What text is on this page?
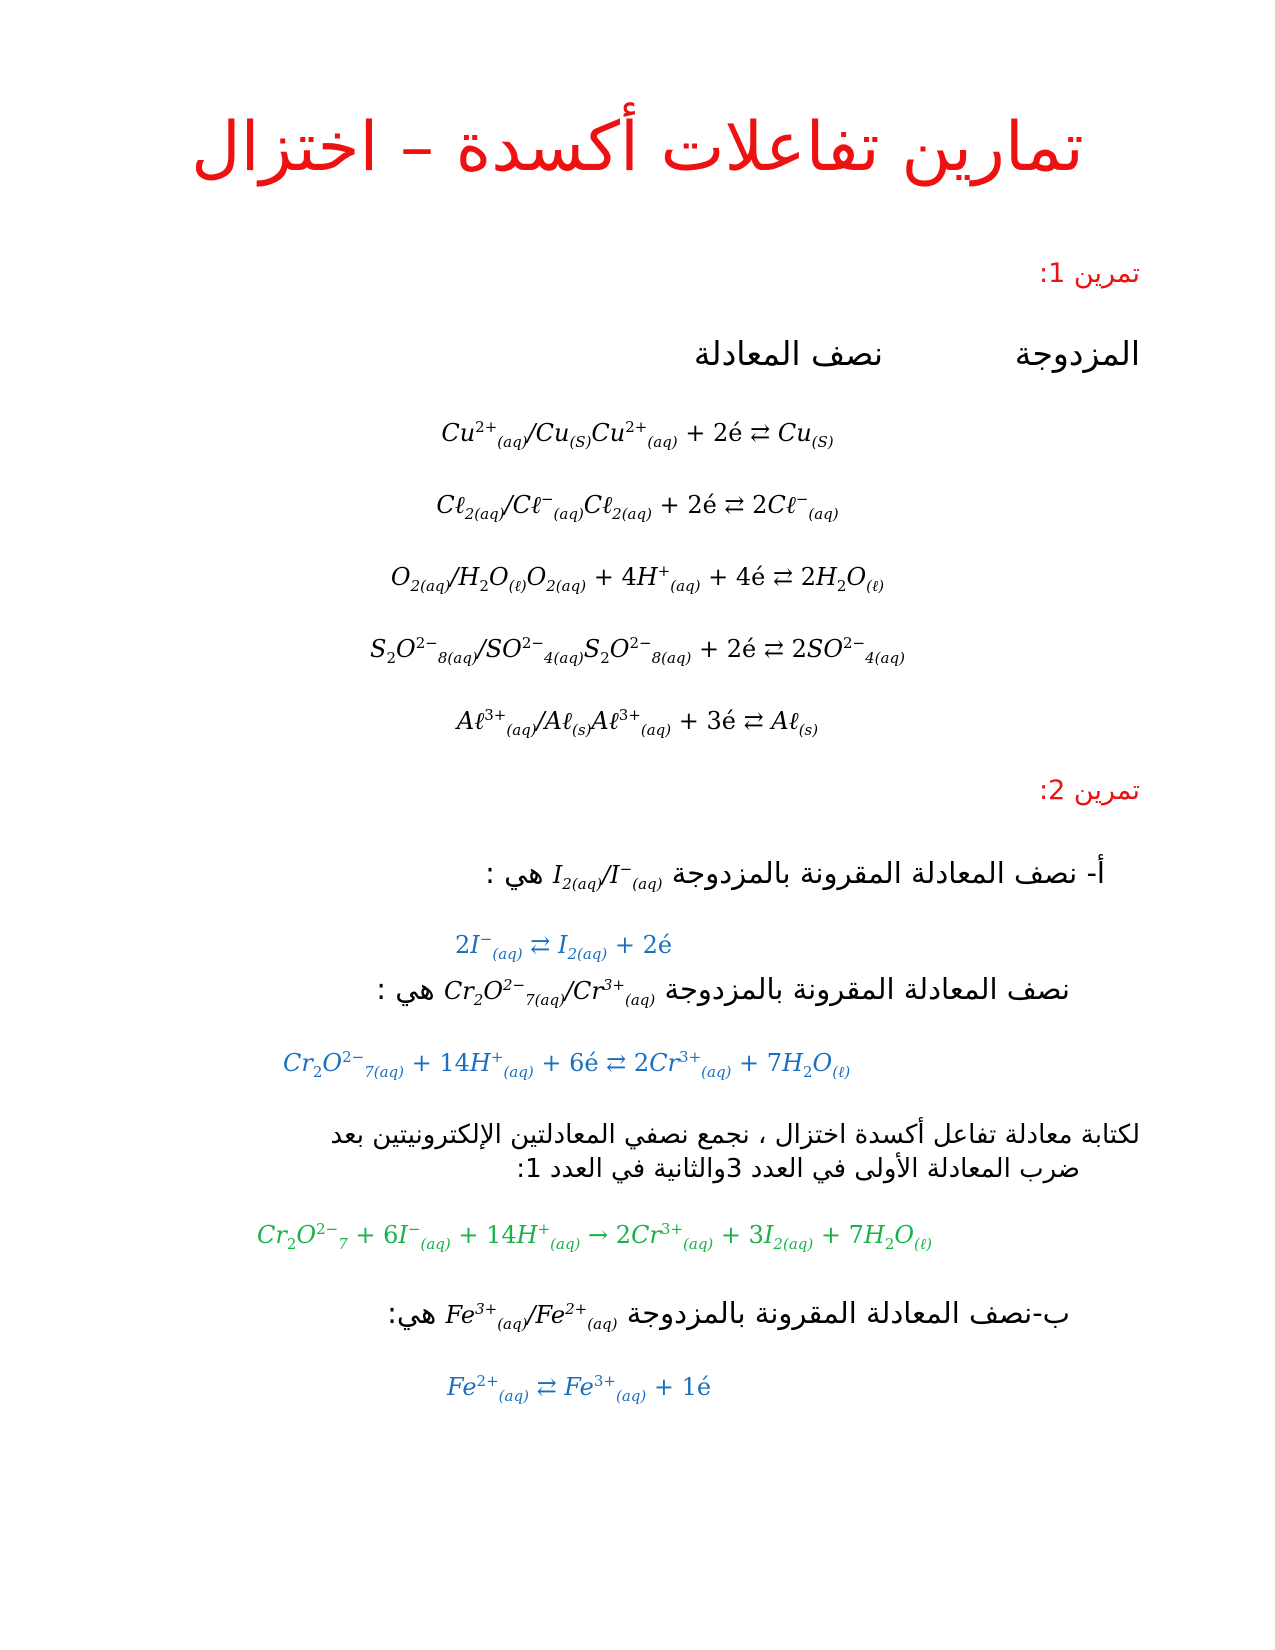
تمارين تفاعلات أكسدة – اختزال
تمرين 1:
المزدوجة
نصف المعادلة
$Cu^{2+}_{(aq)}/Cu_{(S)}Cu^{2+}_{(aq)}$ + 2é ⇄ $Cu_{(S)}$
Cℓ$_{2(aq)}$/Cℓ−$_{(aq)}$Cℓ$_{2(aq)}$ + 2é ⇄ 2Cℓ−$_{(aq)}$
$O_{2(aq)}/H_2O_{(\ell)}O_{2(aq)} + 4H^+_{(aq)}$ + 4é ⇄ $2H_2O_{(\ell)}$
$S_2O^{2-}_{8(aq)}/SO^{2-}_{4(aq)}S_2O^{2-}_{8(aq)}$ + 2é ⇄ $2SO^{2-}_{4(aq)}$
Aℓ$^{3+}_{(aq)}$/Aℓ$_{(s)}$Aℓ$^{3+}_{(aq)}$ + 3é ⇄ Aℓ$_{(s)}$
تمرين 2:
أ- نصف المعادلة المقرونة بالمزدوجة $I_{2(aq)}/I^-_{(aq)}$ هي :
$2I^-_{(aq)}$ ⇄ $I_{2(aq)}$ + 2é
نصف المعادلة المقرونة بالمزدوجة $Cr_2O^{2-}_{7(aq)}/Cr^{3+}_{(aq)}$ هي :
$Cr_2O^{2-}_{7(aq)} + 14H^+_{(aq)}$ + 6é ⇄ $2Cr^{3+}_{(aq)} + 7H_2O_{(\ell)}$
لكتابة معادلة تفاعل أكسدة اختزال ، نجمع نصفي المعادلتين الإلكترونيتين بعد
ضرب المعادلة الأولى في العدد 3والثانية في العدد 1:
$Cr_2O^{2-}_7 + 6I^-_{(aq)} + 14H^+_{(aq)} \to 2Cr^{3+}_{(aq)} + 3I_{2(aq)} + 7H_2O_{(\ell)}$
ب-نصف المعادلة المقرونة بالمزدوجة $Fe^{3+}_{(aq)}/Fe^{2+}_{(aq)}$ هي:
$Fe^{2+}_{(aq)}$ ⇄ $Fe^{3+}_{(aq)}$ + 1é
